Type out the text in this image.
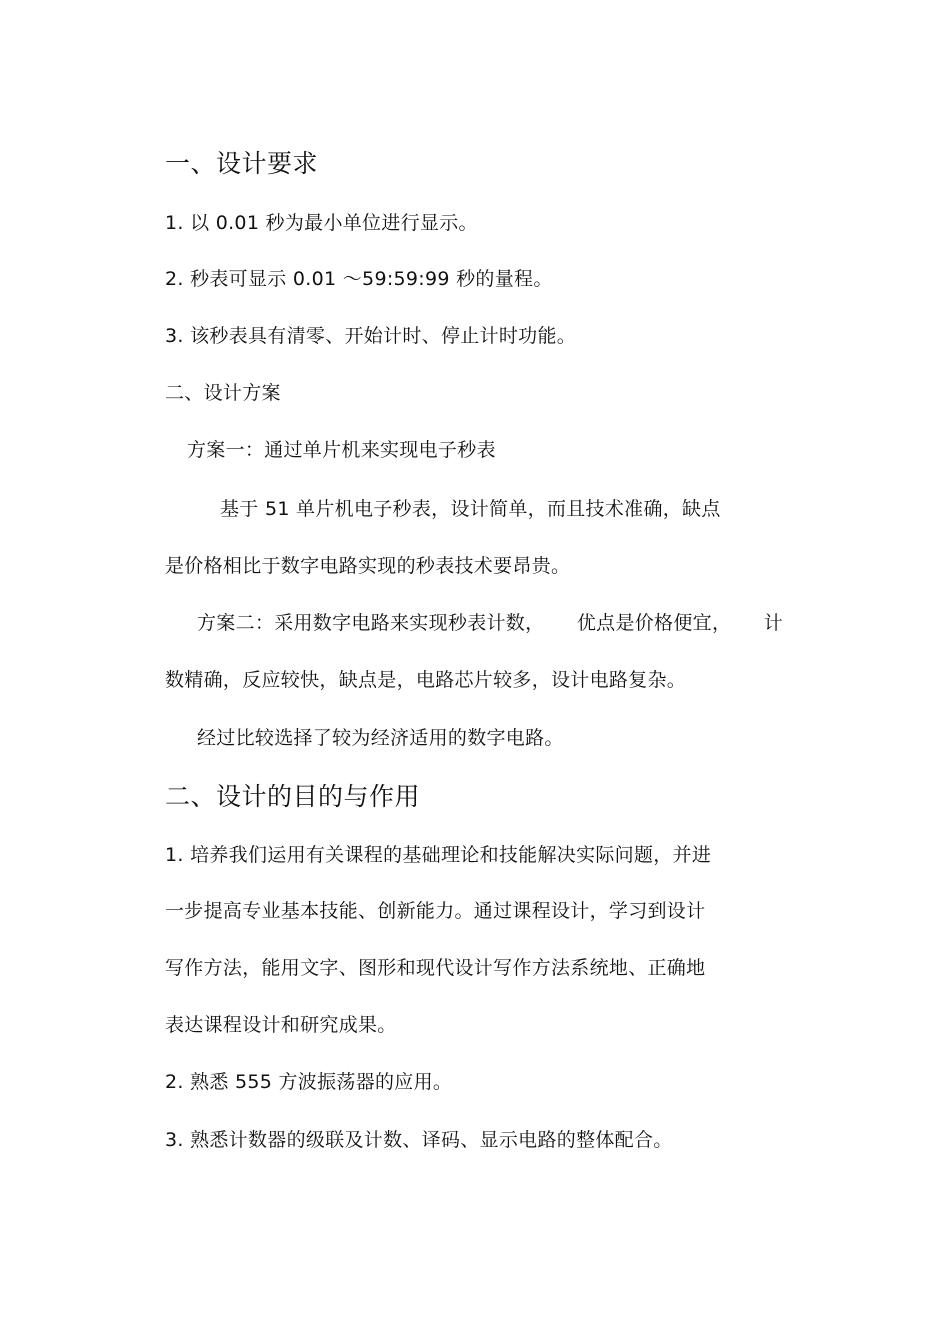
一、设计要求
1. 以 0.01 秒为最小单位进行显示。
2. 秒表可显示 0.01 ～59:59:99 秒的量程。
3. 该秒表具有清零、开始计时、停止计时功能。
二、设计方案
方案一：通过单片机来实现电子秒表
基于 51 单片机电子秒表，设计简单，而且技术准确，缺点
是价格相比于数字电路实现的秒表技术要昂贵。
方案二：采用数字电路来实现秒表计数， 优点是价格便宜， 计
数精确，反应较快，缺点是，电路芯片较多，设计电路复杂。
经过比较选择了较为经济适用的数字电路。
二、设计的目的与作用
1. 培养我们运用有关课程的基础理论和技能解决实际问题，并进
一步提高专业基本技能、创新能力。通过课程设计，学习到设计
写作方法，能用文字、图形和现代设计写作方法系统地、正确地
表达课程设计和研究成果。
2. 熟悉 555 方波振荡器的应用。
3. 熟悉计数器的级联及计数、译码、显示电路的整体配合。
